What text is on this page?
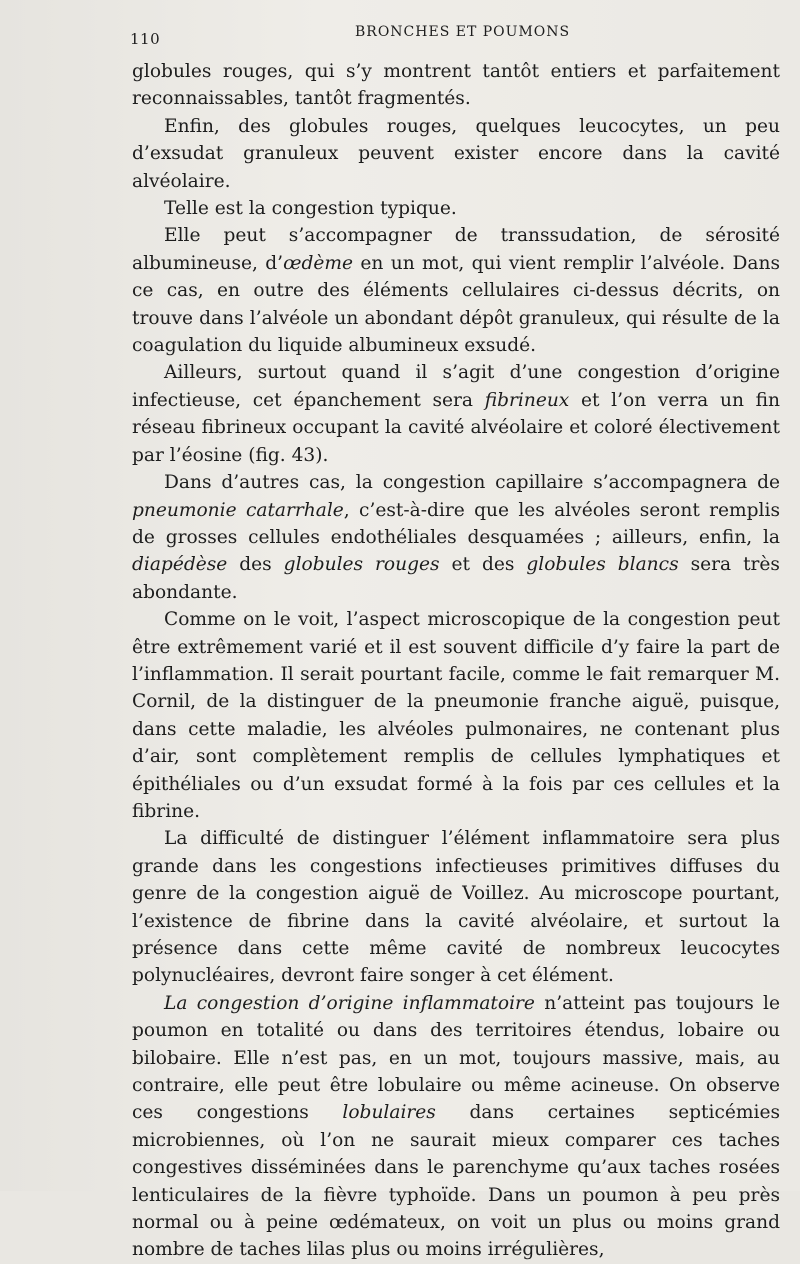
110	BRONCHES ET POUMONS

globules rouges, qui s’y montrent tantôt entiers et parfaitement reconnaissables, tantôt fragmentés.

Enfin, des globules rouges, quelques leucocytes, un peu d’exsudat granuleux peuvent exister encore dans la cavité alvéolaire.

Telle est la congestion typique.

Elle peut s’accompagner de transsudation, de sérosité albumineuse, d’œdème en un mot, qui vient remplir l’alvéole. Dans ce cas, en outre des éléments cellulaires ci-dessus décrits, on trouve dans l’alvéole un abondant dépôt granuleux, qui résulte de la coagulation du liquide albumineux exsudé.

Ailleurs, surtout quand il s’agit d’une congestion d’origine infectieuse, cet épanchement sera fibrineux et l’on verra un fin réseau fibrineux occupant la cavité alvéolaire et coloré électivement par l’éosine (fig. 43).

Dans d’autres cas, la congestion capillaire s’accompagnera de pneumonie catarrhale, c’est-à-dire que les alvéoles seront remplis de grosses cellules endothéliales desquamées ; ailleurs, enfin, la diapédèse des globules rouges et des globules blancs sera très abondante.

Comme on le voit, l’aspect microscopique de la congestion peut être extrêmement varié et il est souvent difficile d’y faire la part de l’inflammation. Il serait pourtant facile, comme le fait remarquer M. Cornil, de la distinguer de la pneumonie franche aiguë, puisque, dans cette maladie, les alvéoles pulmonaires, ne contenant plus d’air, sont complètement remplis de cellules lymphatiques et épithéliales ou d’un exsudat formé à la fois par ces cellules et la fibrine.

La difficulté de distinguer l’élément inflammatoire sera plus grande dans les congestions infectieuses primitives diffuses du genre de la congestion aiguë de Voillez. Au microscope pourtant, l’existence de fibrine dans la cavité alvéolaire, et surtout la présence dans cette même cavité de nombreux leucocytes polynucléaires, devront faire songer à cet élément.

La congestion d’origine inflammatoire n’atteint pas toujours le poumon en totalité ou dans des territoires étendus, lobaire ou bilobaire. Elle n’est pas, en un mot, toujours massive, mais, au contraire, elle peut être lobulaire ou même acineuse. On observe ces congestions lobulaires dans certaines septicémies microbiennes, où l’on ne saurait mieux comparer ces taches congestives disséminées dans le parenchyme qu’aux taches rosées lenticulaires de la fièvre typhoïde. Dans un poumon à peu près normal ou à peine œdémateux, on voit un plus ou moins grand nombre de taches lilas plus ou moins irrégulières,
